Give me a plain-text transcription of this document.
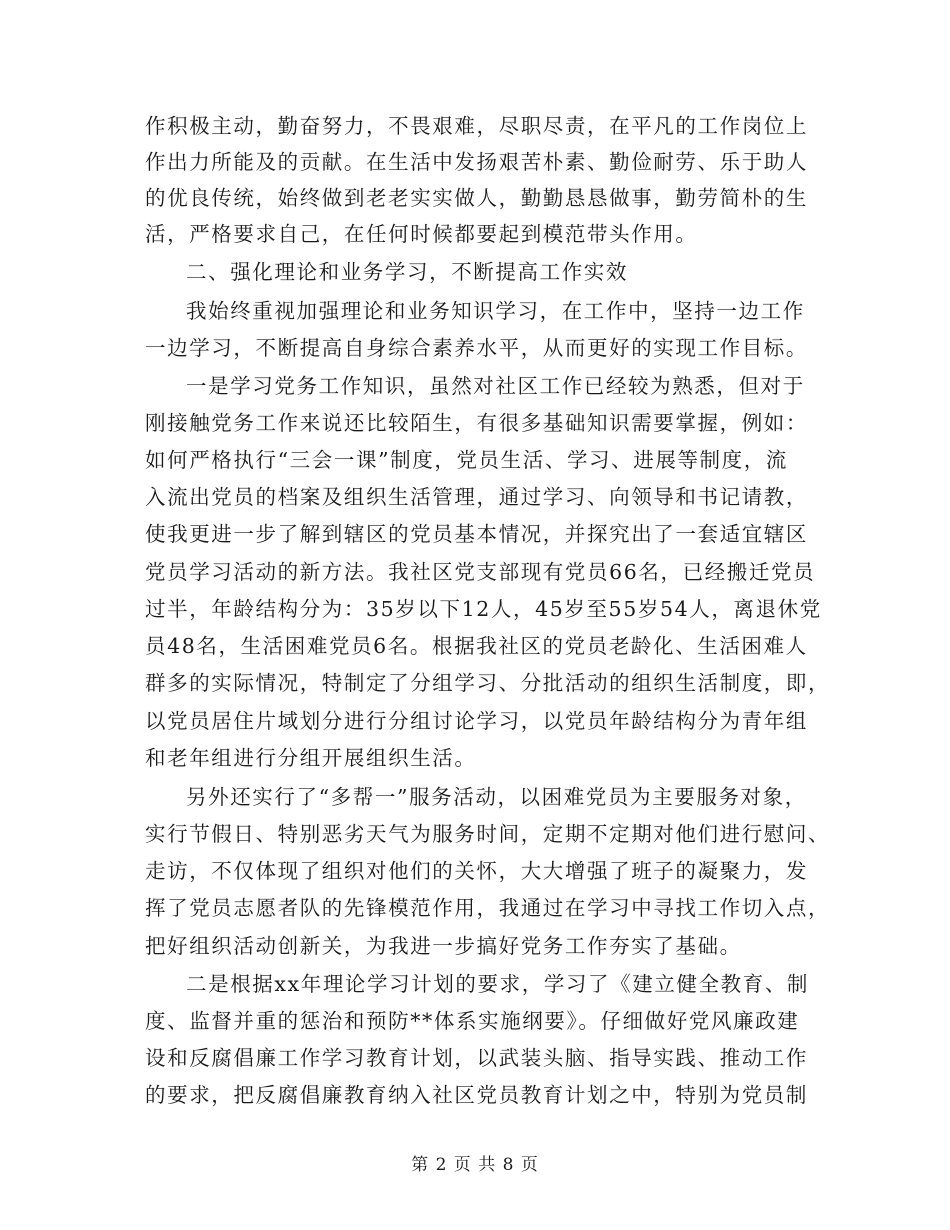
作积极主动，勤奋努力，不畏艰难，尽职尽责，在平凡的工作岗位上
作出力所能及的贡献。在生活中发扬艰苦朴素、勤俭耐劳、乐于助人
的优良传统，始终做到老老实实做人，勤勤恳恳做事，勤劳简朴的生
活，严格要求自己，在任何时候都要起到模范带头作用。
二、强化理论和业务学习，不断提高工作实效
我始终重视加强理论和业务知识学习，在工作中，坚持一边工作
一边学习，不断提高自身综合素养水平，从而更好的实现工作目标。
一是学习党务工作知识，虽然对社区工作已经较为熟悉，但对于
刚接触党务工作来说还比较陌生，有很多基础知识需要掌握，例如：
如何严格执行“三会一课”制度，党员生活、学习、进展等制度，流
入流出党员的档案及组织生活管理，通过学习、向领导和书记请教，
使我更进一步了解到辖区的党员基本情况，并探究出了一套适宜辖区
党员学习活动的新方法。我社区党支部现有党员66名，已经搬迁党员
过半，年龄结构分为：35岁以下12人，45岁至55岁54人，离退休党
员48名，生活困难党员6名。根据我社区的党员老龄化、生活困难人
群多的实际情况，特制定了分组学习、分批活动的组织生活制度，即，
以党员居住片域划分进行分组讨论学习，以党员年龄结构分为青年组
和老年组进行分组开展组织生活。
另外还实行了“多帮一”服务活动，以困难党员为主要服务对象，
实行节假日、特别恶劣天气为服务时间，定期不定期对他们进行慰问、
走访，不仅体现了组织对他们的关怀，大大增强了班子的凝聚力，发
挥了党员志愿者队的先锋模范作用，我通过在学习中寻找工作切入点，
把好组织活动创新关，为我进一步搞好党务工作夯实了基础。
二是根据xx年理论学习计划的要求，学习了《建立健全教育、制
度、监督并重的惩治和预防**体系实施纲要》。仔细做好党风廉政建
设和反腐倡廉工作学习教育计划，以武装头脑、指导实践、推动工作
的要求，把反腐倡廉教育纳入社区党员教育计划之中，特别为党员制
第 2 页 共 8 页
